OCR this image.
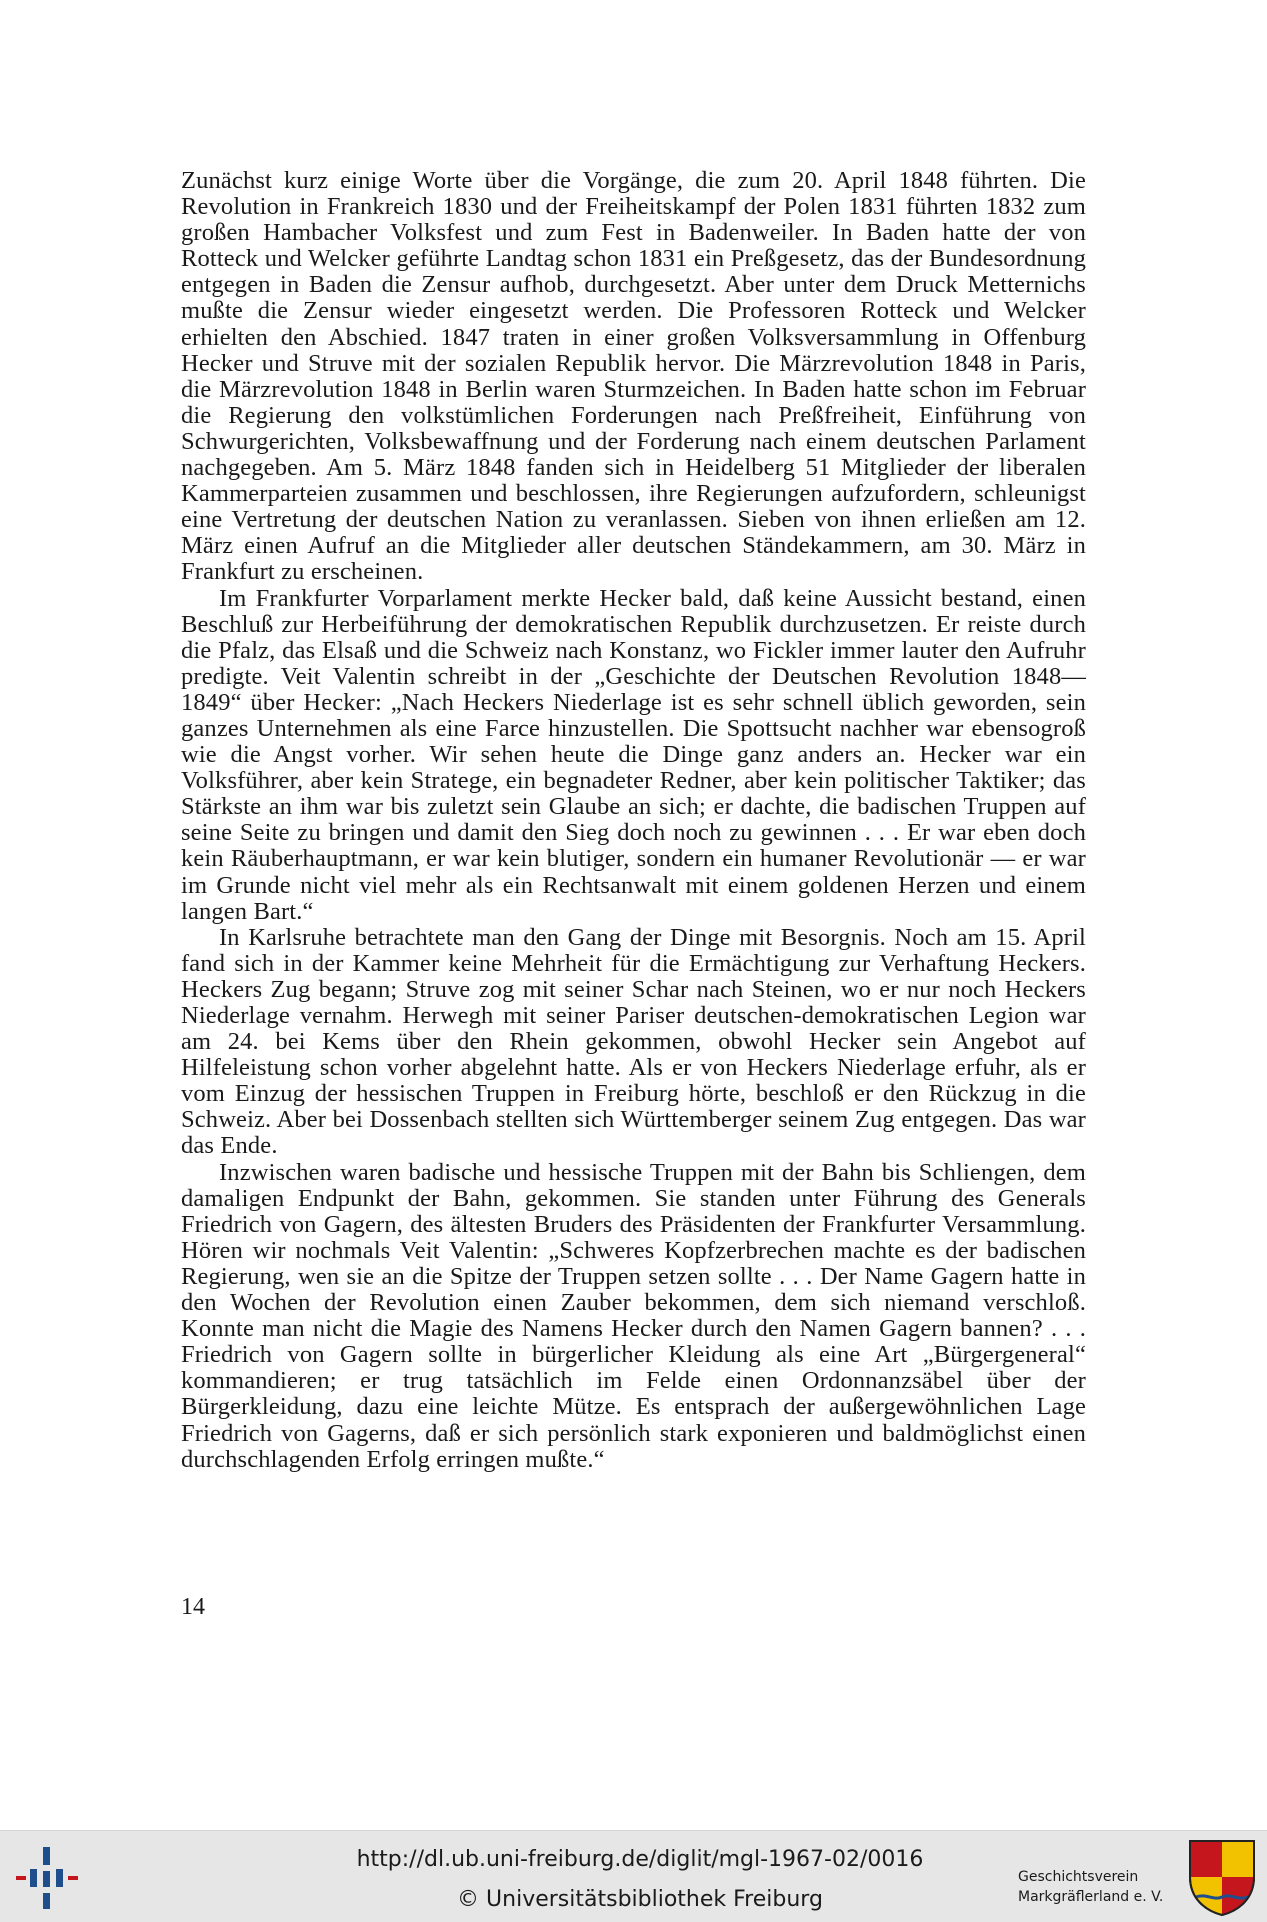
Zunächst kurz einige Worte über die Vorgänge, die zum 20. April 1848 führten. Die Revolution in Frankreich 1830 und der Freiheitskampf der Polen 1831 führten 1832 zum großen Hambacher Volksfest und zum Fest in Badenweiler. In Baden hatte der von Rotteck und Welcker geführte Landtag schon 1831 ein Preßgesetz, das der Bundesordnung entgegen in Baden die Zensur aufhob, durchgesetzt. Aber unter dem Druck Metternichs mußte die Zensur wieder eingesetzt werden. Die Professoren Rotteck und Welcker erhielten den Abschied. 1847 traten in einer großen Volksversammlung in Offenburg Hecker und Struve mit der sozialen Republik hervor. Die Märzrevolution 1848 in Paris, die Märzrevolution 1848 in Berlin waren Sturmzeichen. In Baden hatte schon im Februar die Regierung den volkstümlichen Forderungen nach Preßfreiheit, Einführung von Schwurgerichten, Volksbewaffnung und der Forderung nach einem deutschen Parlament nachgegeben. Am 5. März 1848 fanden sich in Heidelberg 51 Mitglieder der liberalen Kammerparteien zusammen und beschlossen, ihre Regierungen aufzufordern, schleunigst eine Vertretung der deutschen Nation zu veranlassen. Sieben von ihnen erließen am 12. März einen Aufruf an die Mitglieder aller deutschen Ständekammern, am 30. März in Frankfurt zu erscheinen.

Im Frankfurter Vorparlament merkte Hecker bald, daß keine Aussicht bestand, einen Beschluß zur Herbeiführung der demokratischen Republik durchzusetzen. Er reiste durch die Pfalz, das Elsaß und die Schweiz nach Konstanz, wo Fickler immer lauter den Aufruhr predigte. Veit Valentin schreibt in der „Geschichte der Deutschen Revolution 1848—1849“ über Hecker: „Nach Heckers Niederlage ist es sehr schnell üblich geworden, sein ganzes Unternehmen als eine Farce hinzustellen. Die Spottsucht nachher war ebensogroß wie die Angst vorher. Wir sehen heute die Dinge ganz anders an. Hecker war ein Volksführer, aber kein Stratege, ein begnadeter Redner, aber kein politischer Taktiker; das Stärkste an ihm war bis zuletzt sein Glaube an sich; er dachte, die badischen Truppen auf seine Seite zu bringen und damit den Sieg doch noch zu gewinnen . . . Er war eben doch kein Räuberhauptmann, er war kein blutiger, sondern ein humaner Revolutionär — er war im Grunde nicht viel mehr als ein Rechtsanwalt mit einem goldenen Herzen und einem langen Bart.“

In Karlsruhe betrachtete man den Gang der Dinge mit Besorgnis. Noch am 15. April fand sich in der Kammer keine Mehrheit für die Ermächtigung zur Verhaftung Heckers. Heckers Zug begann; Struve zog mit seiner Schar nach Steinen, wo er nur noch Heckers Niederlage vernahm. Herwegh mit seiner Pariser deutschen-demokratischen Legion war am 24. bei Kems über den Rhein gekommen, obwohl Hecker sein Angebot auf Hilfeleistung schon vorher abgelehnt hatte. Als er von Heckers Niederlage erfuhr, als er vom Einzug der hessischen Truppen in Freiburg hörte, beschloß er den Rückzug in die Schweiz. Aber bei Dossenbach stellten sich Württemberger seinem Zug entgegen. Das war das Ende.

Inzwischen waren badische und hessische Truppen mit der Bahn bis Schliengen, dem damaligen Endpunkt der Bahn, gekommen. Sie standen unter Führung des Generals Friedrich von Gagern, des ältesten Bruders des Präsidenten der Frankfurter Versammlung. Hören wir nochmals Veit Valentin: „Schweres Kopfzerbrechen machte es der badischen Regierung, wen sie an die Spitze der Truppen setzen sollte . . . Der Name Gagern hatte in den Wochen der Revolution einen Zauber bekommen, dem sich niemand verschloß. Konnte man nicht die Magie des Namens Hecker durch den Namen Gagern bannen? . . . Friedrich von Gagern sollte in bürgerlicher Kleidung als eine Art „Bürgergeneral“ kommandieren; er trug tatsächlich im Felde einen Ordonnanzsäbel über der Bürgerkleidung, dazu eine leichte Mütze. Es entsprach der außergewöhnlichen Lage Friedrich von Gagerns, daß er sich persönlich stark exponieren und baldmöglichst einen durchschlagenden Erfolg erringen mußte.“

14
http://dl.ub.uni-freiburg.de/diglit/mgl-1967-02/0016
© Universitätsbibliothek Freiburg
Geschichtsverein
Markgräflerland e. V.
